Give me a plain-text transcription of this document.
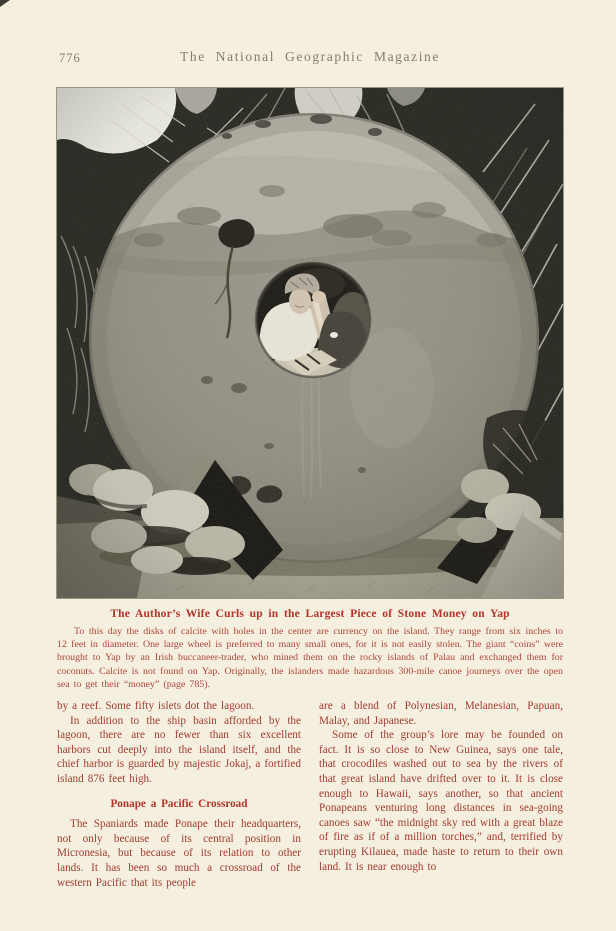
776	The National Geographic Magazine
The Author’s Wife Curls up in the Largest Piece of Stone Money on Yap

To this day the disks of calcite with holes in the center are currency on the island. They range from six inches to 12 feet in diameter. One large wheel is preferred to many small ones, for it is not easily stolen. The giant “coins” were brought to Yap by an Irish buccaneer-trader, who mined them on the rocky islands of Palau and exchanged them for coconuts. Calcite is not found on Yap. Originally, the islanders made hazardous 300-mile canoe journeys over the open sea to get their “money” (page 785).

by a reef. Some fifty islets dot the lagoon.

In addition to the ship basin afforded by the lagoon, there are no fewer than six excellent harbors cut deeply into the island itself, and the chief harbor is guarded by majestic Jokaj, a fortified island 876 feet high.

Ponape a Pacific Crossroad

The Spaniards made Ponape their headquarters, not only because of its central position in Micronesia, but because of its relation to other lands. It has been so much a crossroad of the western Pacific that its people

are a blend of Polynesian, Melanesian, Papuan, Malay, and Japanese.

Some of the group’s lore may be founded on fact. It is so close to New Guinea, says one tale, that crocodiles washed out to sea by the rivers of that great island have drifted over to it. It is close enough to Hawaii, says another, so that ancient Ponapeans venturing long distances in sea-going canoes saw “the midnight sky red with a great blaze of fire as if of a million torches,” and, terrified by erupting Kilauea, made haste to return to their own land. It is near enough to
